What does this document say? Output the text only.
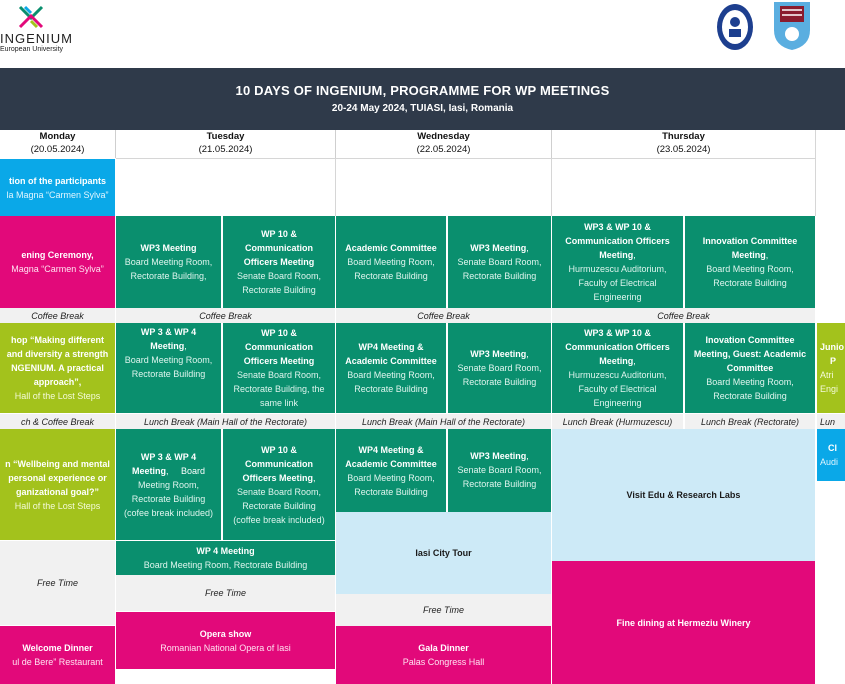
INGENIUM
European University
10 DAYS OF INGENIUM, PROGRAMME FOR WP MEETINGS
20-24 May 2024, TUIASI, Iasi, Romania
Monday
(20.05.2024)
Tuesday
(21.05.2024)
Wednesday
(22.05.2024)
Thursday
(23.05.2024)
tion of the participants
la Magna “Carmen Sylva”
ening Ceremony,
Magna “Carmen Sylva”
Coffee Break
hop “Making different
and diversity a strength
NGENIUM. A practical
approach”,
Hall of the Lost Steps
ch & Coffee Break
n “Wellbeing and mental
personal experience or
ganizational goal?”
Hall of the Lost Steps
Free Time
Welcome Dinner
ul de Bere” Restaurant
WP3 Meeting
Board Meeting Room,
Rectorate Building,
WP 10 &
Communication
Officers Meeting
Senate Board Room,
Rectorate Building
Coffee Break
WP 3 & WP 4
Meeting,
Board Meeting Room,
Rectorate Building
WP 10 &
Communication
Officers Meeting
Senate Board Room,
Rectorate Building, the
same link
Lunch Break (Main Hall of the Rectorate)
WP 3 & WP 4
Meeting, Board
Meeting Room,
Rectorate Building
(cofee break included)
WP 10 &
Communication
Officers Meeting,
Senate Board Room,
Rectorate Building
(coffee break included)
WP 4 Meeting
Board Meeting Room, Rectorate Building
Free Time
Opera show
Romanian National Opera of Iasi
Academic Committee
Board Meeting Room,
Rectorate Building
WP3 Meeting,
Senate Board Room,
Rectorate Building
Coffee Break
WP4 Meeting &
Academic Committee
Board Meeting Room,
Rectorate Building
WP3 Meeting,
Senate Board Room,
Rectorate Building
Lunch Break (Main Hall of the Rectorate)
WP4 Meeting &
Academic Committee
Board Meeting Room,
Rectorate Building
WP3 Meeting,
Senate Board Room,
Rectorate Building
Iasi City Tour
Free Time
Gala Dinner
Palas Congress Hall
WP3 & WP 10 &
Communication Officers
Meeting,
Hurmuzescu Auditorium,
Faculty of Electrical
Engineering
Innovation Committee
Meeting,
Board Meeting Room,
Rectorate Building
Coffee Break
WP3 & WP 10 &
Communication Officers
Meeting,
Hurmuzescu Auditorium,
Faculty of Electrical
Engineering
Inovation Committee
Meeting, Guest: Academic
Committee
Board Meeting Room,
Rectorate Building
Lunch Break (Hurmuzescu)	Lunch Break (Rectorate)
Visit Edu & Research Labs
Fine dining at Hermeziu Winery
Junio
P
Atri
Engi
Lun
Cl
Audi
